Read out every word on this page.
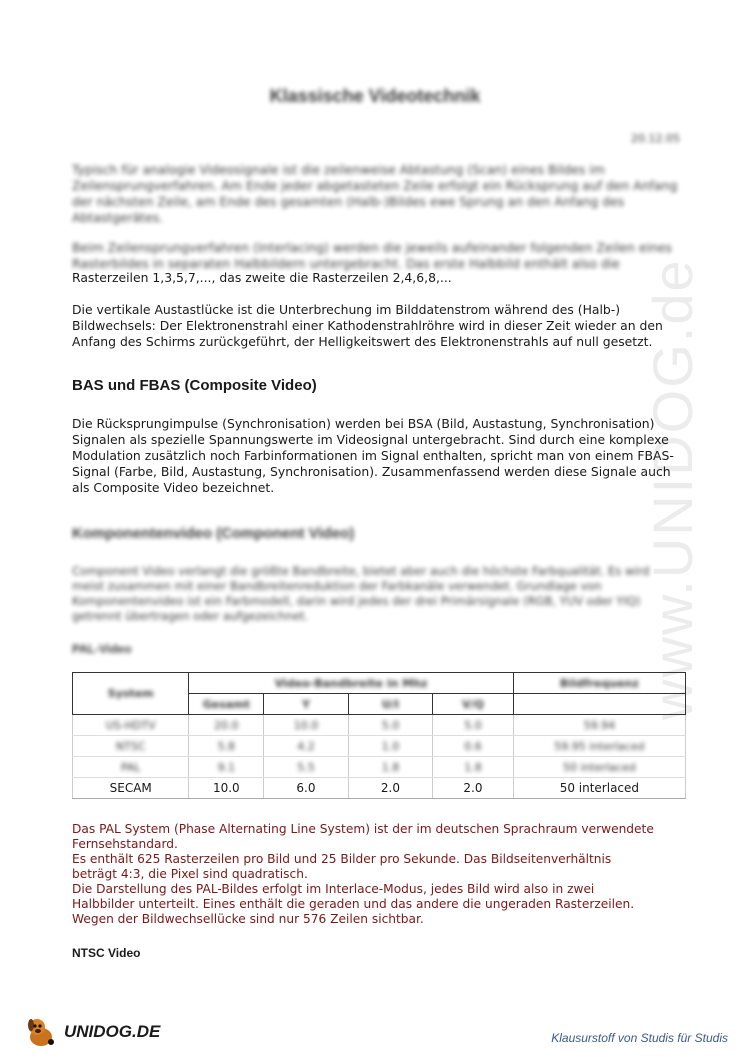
www.UNIDOG.de
Klassische Videotechnik
20.12.05
Typisch für analogie Videosignale ist die zeilenweise Abtastung (Scan) eines Bildes im Zeilensprungverfahren. Am Ende jeder abgetasteten Zeile erfolgt ein Rücksprung auf den Anfang der nächsten Zeile, am Ende des gesamten (Halb-)Bildes ewe Sprung an den Anfang des Abtastgerätes.
Beim Zeilensprungverfahren (Interlacing) werden die jeweils aufeinander folgenden Zeilen eines Rasterbildes in separaten Halbbildern untergebracht. Das erste Halbbild enthält also die
Rasterzeilen 1,3,5,7,..., das zweite die Rasterzeilen 2,4,6,8,...
Die vertikale Austastlücke ist die Unterbrechung im Bilddatenstrom während des (Halb-) Bildwechsels: Der Elektronenstrahl einer Kathodenstrahlröhre wird in dieser Zeit wieder an den Anfang des Schirms zurückgeführt, der Helligkeitswert des Elektronenstrahls auf null gesetzt.
BAS und FBAS (Composite Video)
Die Rücksprungimpulse (Synchronisation) werden bei BSA (Bild, Austastung, Synchronisation) Signalen als spezielle Spannungswerte im Videosignal untergebracht. Sind durch eine komplexe Modulation zusätzlich noch Farbinformationen im Signal enthalten, spricht man von einem FBAS-Signal (Farbe, Bild, Austastung, Synchronisation). Zusammenfassend werden diese Signale auch als Composite Video bezeichnet.
Komponentenvideo (Component Video)
Component Video verlangt die größte Bandbreite, bietet aber auch die höchste Farbqualität. Es wird meist zusammen mit einer Bandbreitenreduktion der Farbkanäle verwendet. Grundlage von Komponentenvideo ist ein Farbmodell, darin wird jedes der drei Primärsignale (RGB, YUV oder YIQ) getrennt übertragen oder aufgezeichnet.
PAL-Video
System	Video-Bandbreite in Mhz				Bildfrequenz
	Gesamt	Y	U/I	V/Q	
US-HDTV	20.0	10.0	5.0	5.0	59.94
NTSC	5.8	4.2	1.0	0.6	59.95 interlaced
PAL	9.1	5.5	1.8	1.8	50 interlaced
SECAM	10.0	6.0	2.0	2.0	50 interlaced
Das PAL System (Phase Alternating Line System) ist der im deutschen Sprachraum verwendete
Fernsehstandard.
Es enthält 625 Rasterzeilen pro Bild und 25 Bilder pro Sekunde. Das Bildseitenverhältnis
beträgt 4:3, die Pixel sind quadratisch.
Die Darstellung des PAL-Bildes erfolgt im Interlace-Modus, jedes Bild wird also in zwei
Halbbilder unterteilt. Eines enthält die geraden und das andere die ungeraden Rasterzeilen.
Wegen der Bildwechsellücke sind nur 576 Zeilen sichtbar.
NTSC Video
UNIDOG.DE	Klausurstoff von Studis für Studis
